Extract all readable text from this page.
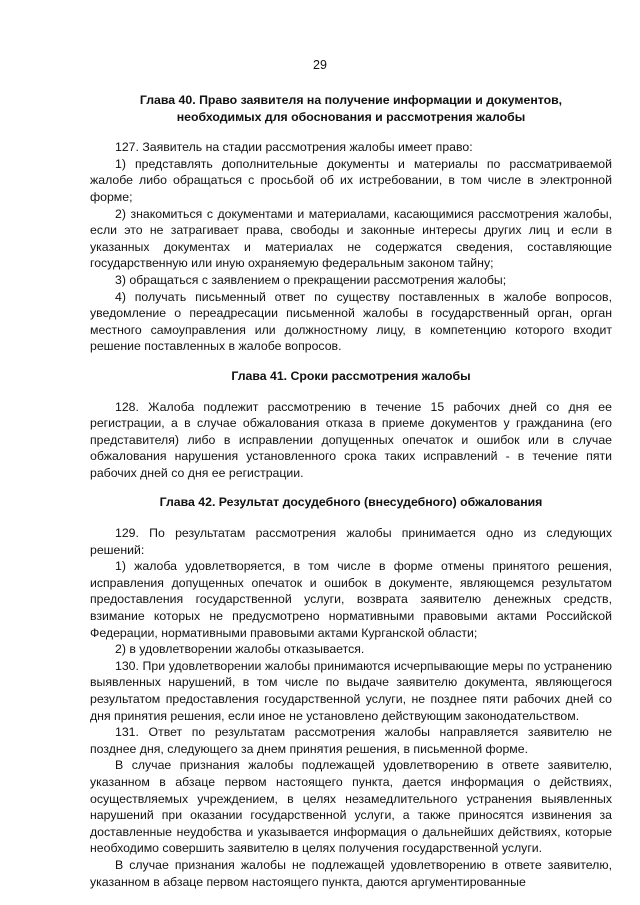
29
Глава 40. Право заявителя на получение информации и документов,
необходимых для обоснования и рассмотрения жалобы

127. Заявитель на стадии рассмотрения жалобы имеет право:

1) представлять дополнительные документы и материалы по рассматриваемой жалобе либо обращаться с просьбой об их истребовании, в том числе в электронной форме;

2) знакомиться с документами и материалами, касающимися рассмотрения жалобы, если это не затрагивает права, свободы и законные интересы других лиц и если в указанных документах и материалах не содержатся сведения, составляющие государственную или иную охраняемую федеральным законом тайну;

3) обращаться с заявлением о прекращении рассмотрения жалобы;

4) получать письменный ответ по существу поставленных в жалобе вопросов, уведомление о переадресации письменной жалобы в государственный орган, орган местного самоуправления или должностному лицу, в компетенцию которого входит решение поставленных в жалобе вопросов.

Глава 41. Сроки рассмотрения жалобы

128. Жалоба подлежит рассмотрению в течение 15 рабочих дней со дня ее регистрации, а в случае обжалования отказа в приеме документов у гражданина (его представителя) либо в исправлении допущенных опечаток и ошибок или в случае обжалования нарушения установленного срока таких исправлений - в течение пяти рабочих дней со дня ее регистрации.

Глава 42. Результат досудебного (внесудебного) обжалования

129. По результатам рассмотрения жалобы принимается одно из следующих решений:

1) жалоба удовлетворяется, в том числе в форме отмены принятого решения, исправления допущенных опечаток и ошибок в документе, являющемся результатом предоставления государственной услуги, возврата заявителю денежных средств, взимание которых не предусмотрено нормативными правовыми актами Российской Федерации, нормативными правовыми актами Курганской области;

2) в удовлетворении жалобы отказывается.

130. При удовлетворении жалобы принимаются исчерпывающие меры по устранению выявленных нарушений, в том числе по выдаче заявителю документа, являющегося результатом предоставления государственной услуги, не позднее пяти рабочих дней со дня принятия решения, если иное не установлено действующим законодательством.

131. Ответ по результатам рассмотрения жалобы направляется заявителю не позднее дня, следующего за днем принятия решения, в письменной форме.

В случае признания жалобы подлежащей удовлетворению в ответе заявителю, указанном в абзаце первом настоящего пункта, дается информация о действиях, осуществляемых учреждением, в целях незамедлительного устранения выявленных нарушений при оказании государственной услуги, а также приносятся извинения за доставленные неудобства и указывается информация о дальнейших действиях, которые необходимо совершить заявителю в целях получения государственной услуги.

В случае признания жалобы не подлежащей удовлетворению в ответе заявителю, указанном в абзаце первом настоящего пункта, даются аргументированные
